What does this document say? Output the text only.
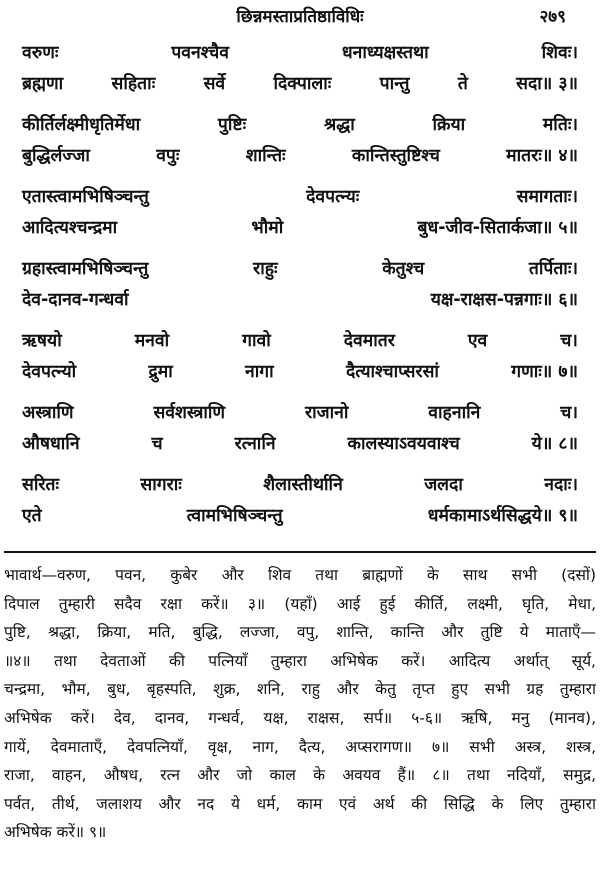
छिन्नमस्ताप्रतिष्ठाविधिः	२७९
वरुणः	पवनश्चैव	धनाध्यक्षस्तथा	शिवः।
ब्रह्मणा	सहिताः	सर्वे	दिक्पालाः	पान्तु	ते	सदा॥ ३॥
कीर्तिर्लक्ष्मीधृतिर्मेधा	पुष्टिः	श्रद्धा	क्रिया	मतिः।
बुद्धिर्लज्जा	वपुः	शान्तिः	कान्तिस्तुष्टिश्च	मातरः॥ ४॥
एतास्त्वामभिषिञ्चन्तु	देवपत्न्यः	समागताः।
आदित्यश्चन्द्रमा	भौमो	बुध-जीव-सितार्कजा॥ ५॥
ग्रहास्त्वामभिषिञ्चन्तु	राहुः	केतुश्च	तर्पिताः।
देव-दानव-गन्धर्वा	यक्ष-राक्षस-पन्नगाः॥ ६॥
ऋषयो	मनवो	गावो	देवमातर	एव	च।
देवपत्न्यो	द्रुमा	नागा	दैत्याश्चाप्सरसां	गणाः॥ ७॥
अस्त्राणि	सर्वशस्त्राणि	राजानो	वाहनानि	च।
औषधानि	च	रत्नानि	कालस्याऽवयवाश्च	ये॥ ८॥
सरितः	सागराः	शैलास्तीर्थानि	जलदा	नदाः।
एते	त्वामभिषिञ्चन्तु	धर्मकामाऽर्थसिद्धये॥ ९॥
भावार्थ—वरुण, पवन, कुबेर और शिव तथा ब्राह्मणों के साथ सभी (दसों)
दिपाल तुम्हारी सदैव रक्षा करें॥ ३॥ (यहाँ) आई हुई कीर्ति, लक्ष्मी, घृति, मेधा,
पुष्टि, श्रद्धा, क्रिया, मति, बुद्धि, लज्जा, वपु, शान्ति, कान्ति और तुष्टि ये माताएँ—
॥४॥ तथा देवताओं की पत्नियाँ तुम्हारा अभिषेक करें। आदित्य अर्थात् सूर्य,
चन्द्रमा, भौम, बुध, बृहस्पति, शुक्र, शनि, राहु और केतु तृप्त हुए सभी ग्रह तुम्हारा
अभिषेक करें। देव, दानव, गन्धर्व, यक्ष, राक्षस, सर्प॥ ५-६॥ ऋषि, मनु (मानव),
गायें, देवमाताएँ, देवपत्नियाँ, वृक्ष, नाग, दैत्य, अप्सरागण॥ ७॥ सभी अस्त्र, शस्त्र,
राजा, वाहन, औषध, रत्न और जो काल के अवयव हैं॥ ८॥ तथा नदियाँ, समुद्र,
पर्वत, तीर्थ, जलाशय और नद ये धर्म, काम एवं अर्थ की सिद्धि के लिए तुम्हारा
अभिषेक करें॥ ९॥
